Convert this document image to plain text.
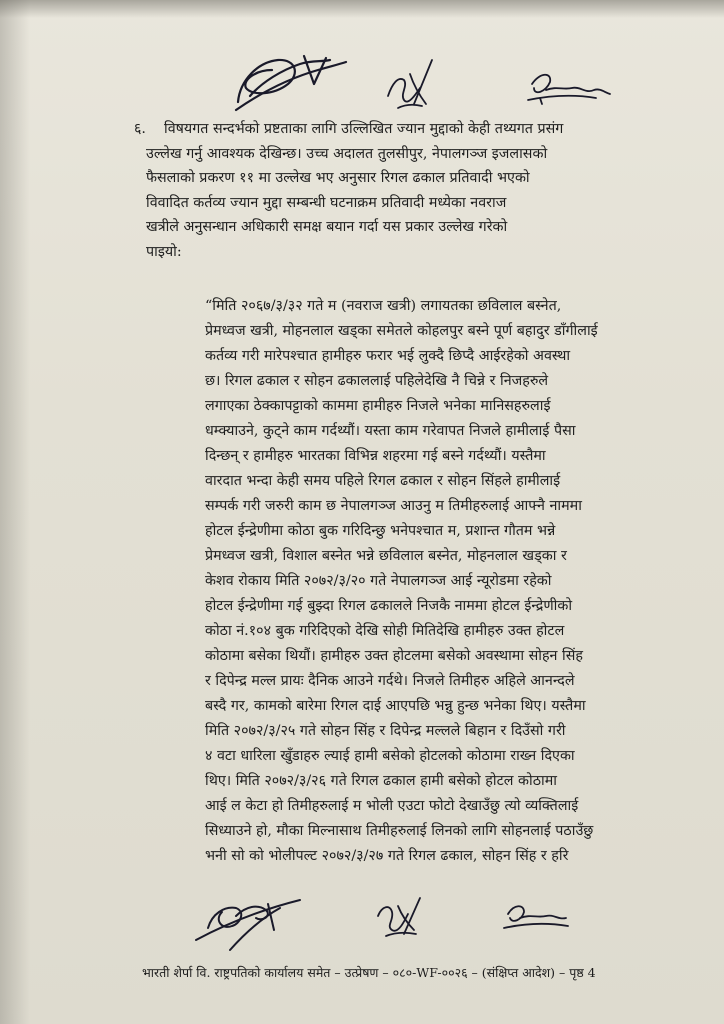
६.	विषयगत सन्दर्भको प्रष्टताका लागि उल्लिखित ज्यान मुद्दाको केही तथ्यगत प्रसंग
उल्लेख गर्नु आवश्यक देखिन्छ। उच्च अदालत तुलसीपुर, नेपालगञ्ज इजलासको
फैसलाको प्रकरण ११ मा उल्लेख भए अनुसार रिगल ढकाल प्रतिवादी भएको
विवादित कर्तव्य ज्यान मुद्दा सम्बन्धी घटनाक्रम प्रतिवादी मध्येका नवराज
खत्रीले अनुसन्धान अधिकारी समक्ष बयान गर्दा यस प्रकार उल्लेख गरेको
पाइयो:
“मिति २०६७/३/३२ गते म (नवराज खत्री) लगायतका छविलाल बस्नेत,
प्रेमध्वज खत्री, मोहनलाल खड्का समेतले कोहलपुर बस्ने पूर्ण बहादुर डाँगीलाई
कर्तव्य गरी मारेपश्चात हामीहरु फरार भई लुक्दै छिप्दै आईरहेको अवस्था
छ। रिगल ढकाल र सोहन ढकाललाई पहिलेदेखि नै चिन्ने र निजहरुले
लगाएका ठेक्कापट्टाको काममा हामीहरु निजले भनेका मानिसहरुलाई
धम्क्याउने, कुट्ने काम गर्दथ्यौं। यस्ता काम गरेवापत निजले हामीलाई पैसा
दिन्छन् र हामीहरु भारतका विभिन्न शहरमा गई बस्ने गर्दथ्यौं। यस्तैमा
वारदात भन्दा केही समय पहिले रिगल ढकाल र सोहन सिंहले हामीलाई
सम्पर्क गरी जरुरी काम छ नेपालगञ्ज आउनु म तिमीहरुलाई आफ्नै नाममा
होटल ईन्द्रेणीमा कोठा बुक गरिदिन्छु भनेपश्चात म, प्रशान्त गौतम भन्ने
प्रेमध्वज खत्री, विशाल बस्नेत भन्ने छविलाल बस्नेत, मोहनलाल खड्का र
केशव रोकाय मिति २०७२/३/२० गते नेपालगञ्ज आई न्यूरोडमा रहेको
होटल ईन्द्रेणीमा गई बुझ्दा रिगल ढकालले निजकै नाममा होटल ईन्द्रेणीको
कोठा नं.१०४ बुक गरिदिएको देखि सोही मितिदेखि हामीहरु उक्त होटल
कोठामा बसेका थियौं। हामीहरु उक्त होटलमा बसेको अवस्थामा सोहन सिंह
र दिपेन्द्र मल्ल प्रायः दैनिक आउने गर्दथे। निजले तिमीहरु अहिले आनन्दले
बस्दै गर, कामको बारेमा रिगल दाई आएपछि भन्नु हुन्छ भनेका थिए। यस्तैमा
मिति २०७२/३/२५ गते सोहन सिंह र दिपेन्द्र मल्लले बिहान र दिउँसो गरी
४ वटा धारिला खुँडाहरु ल्याई हामी बसेको होटलको कोठामा राख्न दिएका
थिए। मिति २०७२/३/२६ गते रिगल ढकाल हामी बसेको होटल कोठामा
आई ल केटा हो तिमीहरुलाई म भोली एउटा फोटो देखाउँछु त्यो व्यक्तिलाई
सिध्याउने हो, मौका मिल्नासाथ तिमीहरुलाई लिनको लागि सोहनलाई पठाउँछु
भनी सो को भोलीपल्ट २०७२/३/२७ गते रिगल ढकाल, सोहन सिंह र हरि
भारती शेर्पा वि. राष्ट्रपतिको कार्यालय समेत – उत्प्रेषण – ०८०-WF-००२६ – (संक्षिप्त आदेश) – पृष्ठ 4
